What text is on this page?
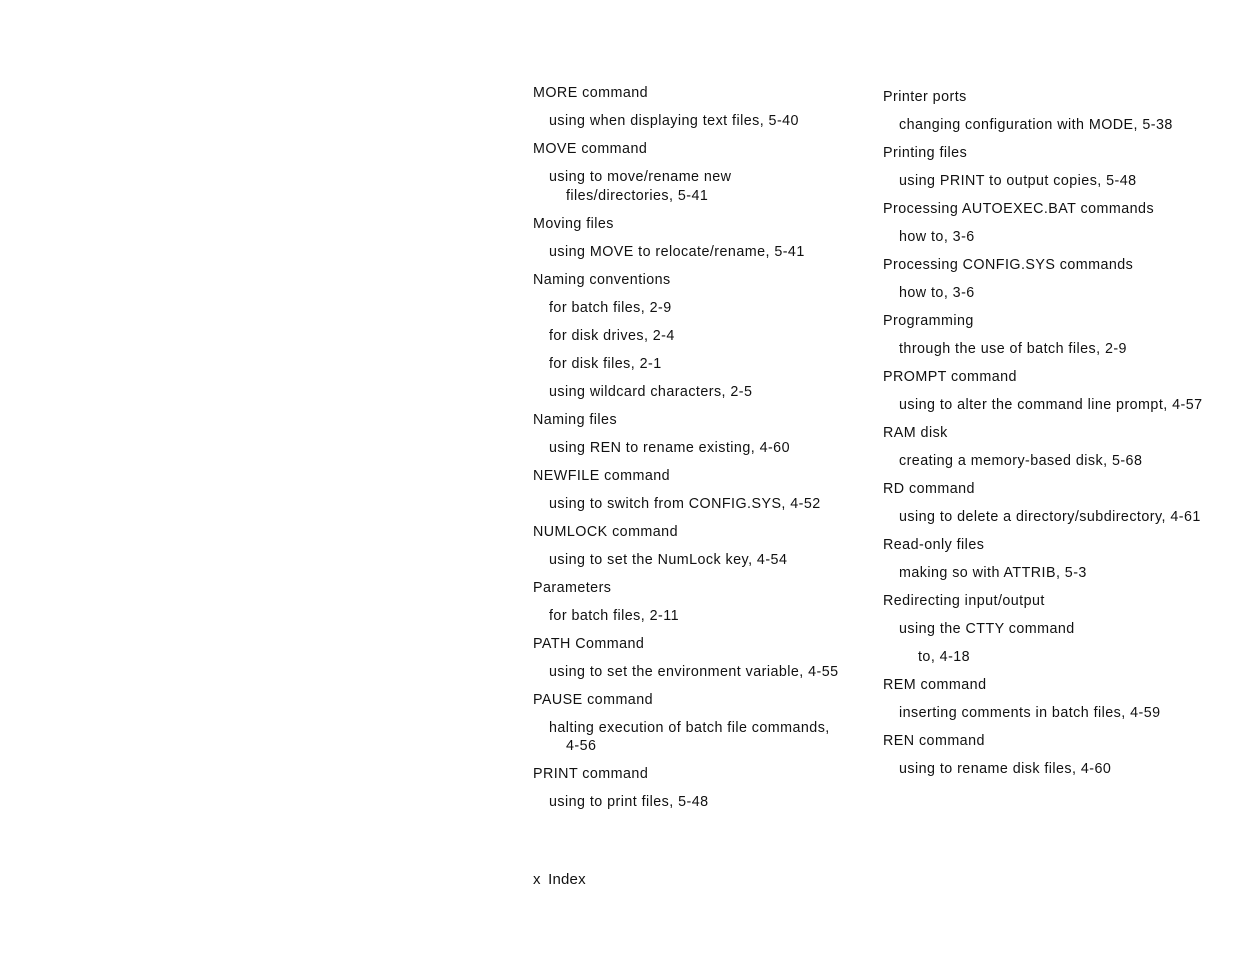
MORE command
using when displaying text files, 5-40
MOVE command
using to move/rename new files/directories, 5-41
Moving files
using MOVE to relocate/rename, 5-41
Naming conventions
for batch files, 2-9
for disk drives, 2-4
for disk files, 2-1
using wildcard characters, 2-5
Naming files
using REN to rename existing, 4-60
NEWFILE command
using to switch from CONFIG.SYS, 4-52
NUMLOCK command
using to set the NumLock key, 4-54
Parameters
for batch files, 2-11
PATH Command
using to set the environment variable, 4-55
PAUSE command
halting execution of batch file commands, 4-56
PRINT command
using to print files, 5-48
Printer ports
changing configuration with MODE, 5-38
Printing files
using PRINT to output copies, 5-48
Processing AUTOEXEC.BAT commands
how to, 3-6
Processing CONFIG.SYS commands
how to, 3-6
Programming
through the use of batch files, 2-9
PROMPT command
using to alter the command line prompt, 4-57
RAM disk
creating a memory-based disk, 5-68
RD command
using to delete a directory/subdirectory, 4-61
Read-only files
making so with ATTRIB, 5-3
Redirecting input/output
using the CTTY command
to, 4-18
REM command
inserting comments in batch files, 4-59
REN command
using to rename disk files, 4-60
x Index
